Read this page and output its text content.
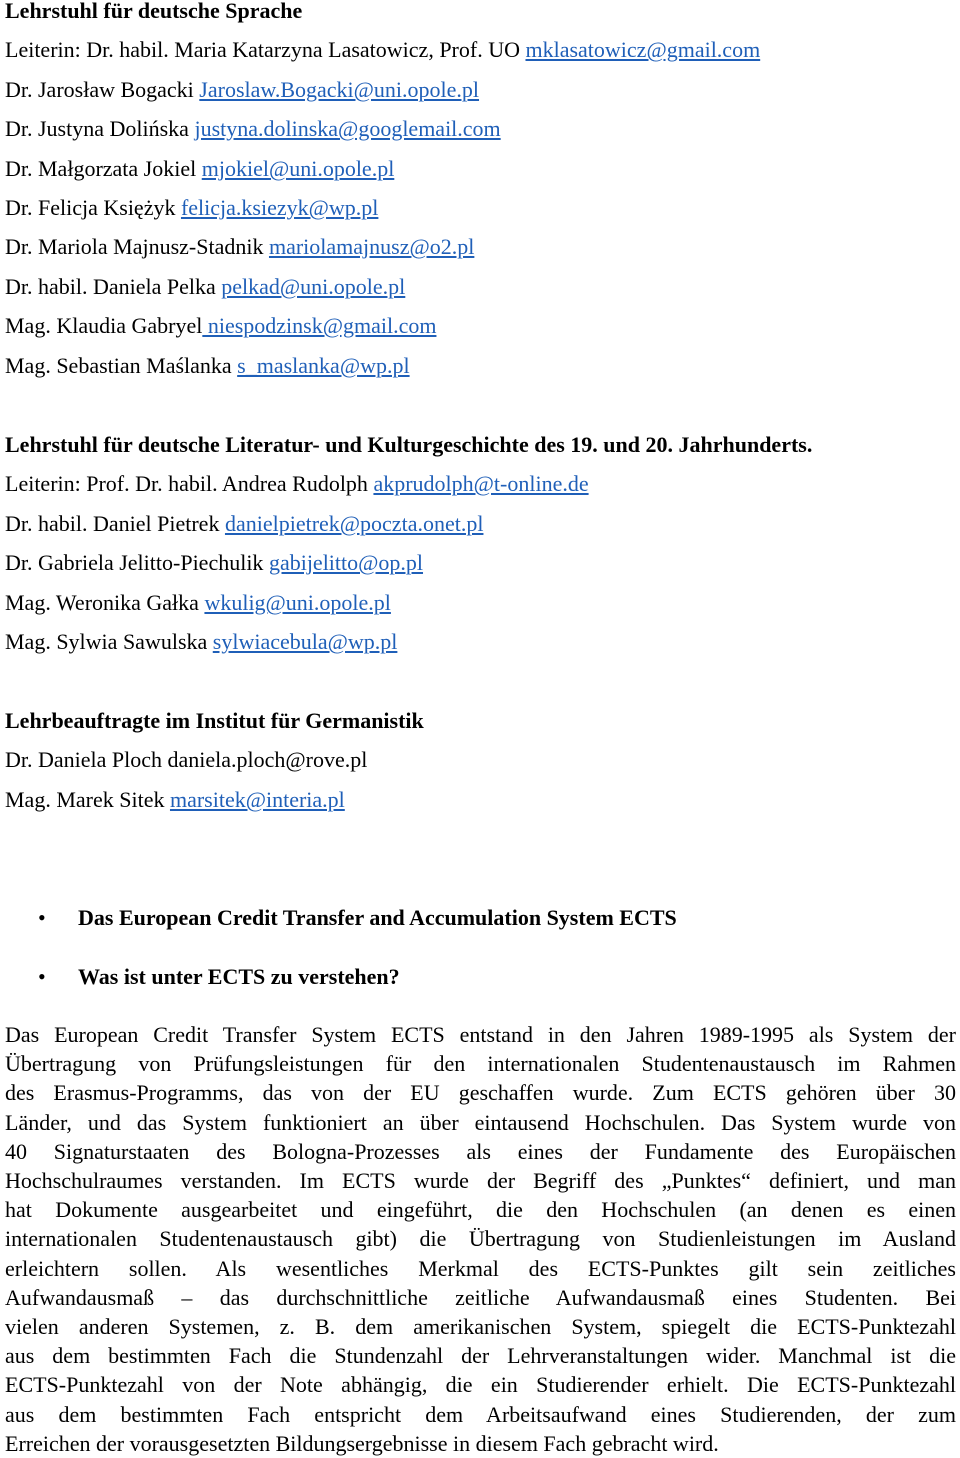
Lehrstuhl für deutsche Sprache
Leiterin: Dr. habil. Maria Katarzyna Lasatowicz, Prof. UO mklasatowicz@gmail.com
Dr. Jarosław Bogacki Jaroslaw.Bogacki@uni.opole.pl
Dr. Justyna Dolińska justyna.dolinska@googlemail.com
Dr. Małgorzata Jokiel mjokiel@uni.opole.pl
Dr. Felicja Księżyk felicja.ksiezyk@wp.pl
Dr. Mariola Majnusz-Stadnik mariolamajnusz@o2.pl
Dr. habil. Daniela Pelka pelkad@uni.opole.pl
Mag. Klaudia Gabryel niespodzinsk@gmail.com
Mag. Sebastian Maślanka s_maslanka@wp.pl
Lehrstuhl für deutsche Literatur- und Kulturgeschichte des 19. und 20. Jahrhunderts.
Leiterin: Prof. Dr. habil. Andrea Rudolph akprudolph@t-online.de
Dr. habil. Daniel Pietrek danielpietrek@poczta.onet.pl
Dr. Gabriela Jelitto-Piechulik gabijelitto@op.pl
Mag. Weronika Gałka wkulig@uni.opole.pl
Mag. Sylwia Sawulska sylwiacebula@wp.pl
Lehrbeauftragte im Institut für Germanistik
Dr. Daniela Ploch daniela.ploch@rove.pl
Mag. Marek Sitek marsitek@interia.pl
• Das European Credit Transfer and Accumulation System ECTS
• Was ist unter ECTS zu verstehen?
Das European Credit Transfer System ECTS entstand in den Jahren 1989-1995 als System der
Übertragung von Prüfungsleistungen für den internationalen Studentenaustausch im Rahmen
des Erasmus-Programms, das von der EU geschaffen wurde. Zum ECTS gehören über 30
Länder, und das System funktioniert an über eintausend Hochschulen. Das System wurde von
40 Signaturstaaten des Bologna-Prozesses als eines der Fundamente des Europäischen
Hochschulraumes verstanden. Im ECTS wurde der Begriff des „Punktes“ definiert, und man
hat Dokumente ausgearbeitet und eingeführt, die den Hochschulen (an denen es einen
internationalen Studentenaustausch gibt) die Übertragung von Studienleistungen im Ausland
erleichtern sollen. Als wesentliches Merkmal des ECTS-Punktes gilt sein zeitliches
Aufwandausmaß – das durchschnittliche zeitliche Aufwandausmaß eines Studenten. Bei
vielen anderen Systemen, z. B. dem amerikanischen System, spiegelt die ECTS-Punktezahl
aus dem bestimmten Fach die Stundenzahl der Lehrveranstaltungen wider. Manchmal ist die
ECTS-Punktezahl von der Note abhängig, die ein Studierender erhielt. Die ECTS-Punktezahl
aus dem bestimmten Fach entspricht dem Arbeitsaufwand eines Studierenden, der zum
Erreichen der vorausgesetzten Bildungsergebnisse in diesem Fach gebracht wird.
